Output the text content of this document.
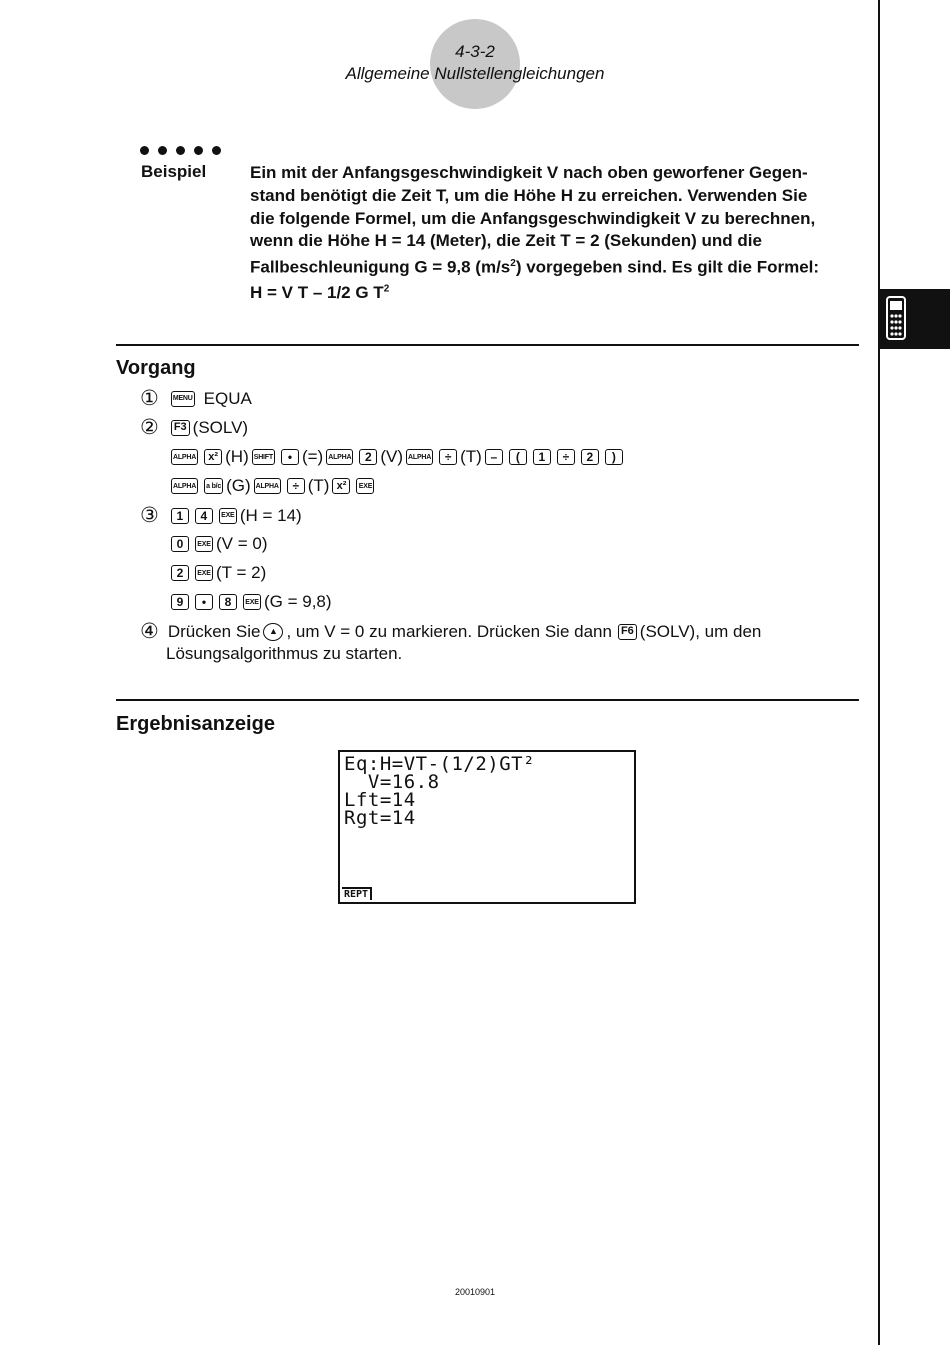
4-3-2
Allgemeine Nullstellengleichungen
Beispiel	Ein mit der Anfangsgeschwindigkeit V nach oben geworfener Gegen-
stand benötigt die Zeit T, um die Höhe H zu erreichen. Verwenden Sie
die folgende Formel, um die Anfangsgeschwindigkeit V zu berechnen,
wenn die Höhe H = 14 (Meter), die Zeit T = 2 (Sekunden) und die
Fallbeschleunigung G = 9,8 $(m/s^2)$ vorgegeben sind. Es gilt die Formel:
H = V T – 1/2 G $T^2$
Vorgang
① MENU EQUA
② F3 (SOLV)
ALPHA	x² (H) SHIFT	• (=) ALPHA	2 (V) ALPHA	÷ (T) –	(	1	÷	2	)
ALPHA a b/c (G) ALPHA	÷ (T) x²	EXE
③	1	4	EXE (H = 14)
0	EXE (V = 0)
2	EXE (T = 2)
9	•	8	EXE (G = 9,8)
④ Drücken Sie ▲ , um V = 0 zu markieren. Drücken Sie dann F6 (SOLV), um den
Lösungsalgorithmus zu starten.
Ergebnisanzeige
Eq:H=VT-(1/2)GT²
V=16.8
Lft=14
Rgt=14
REPT
20010901
